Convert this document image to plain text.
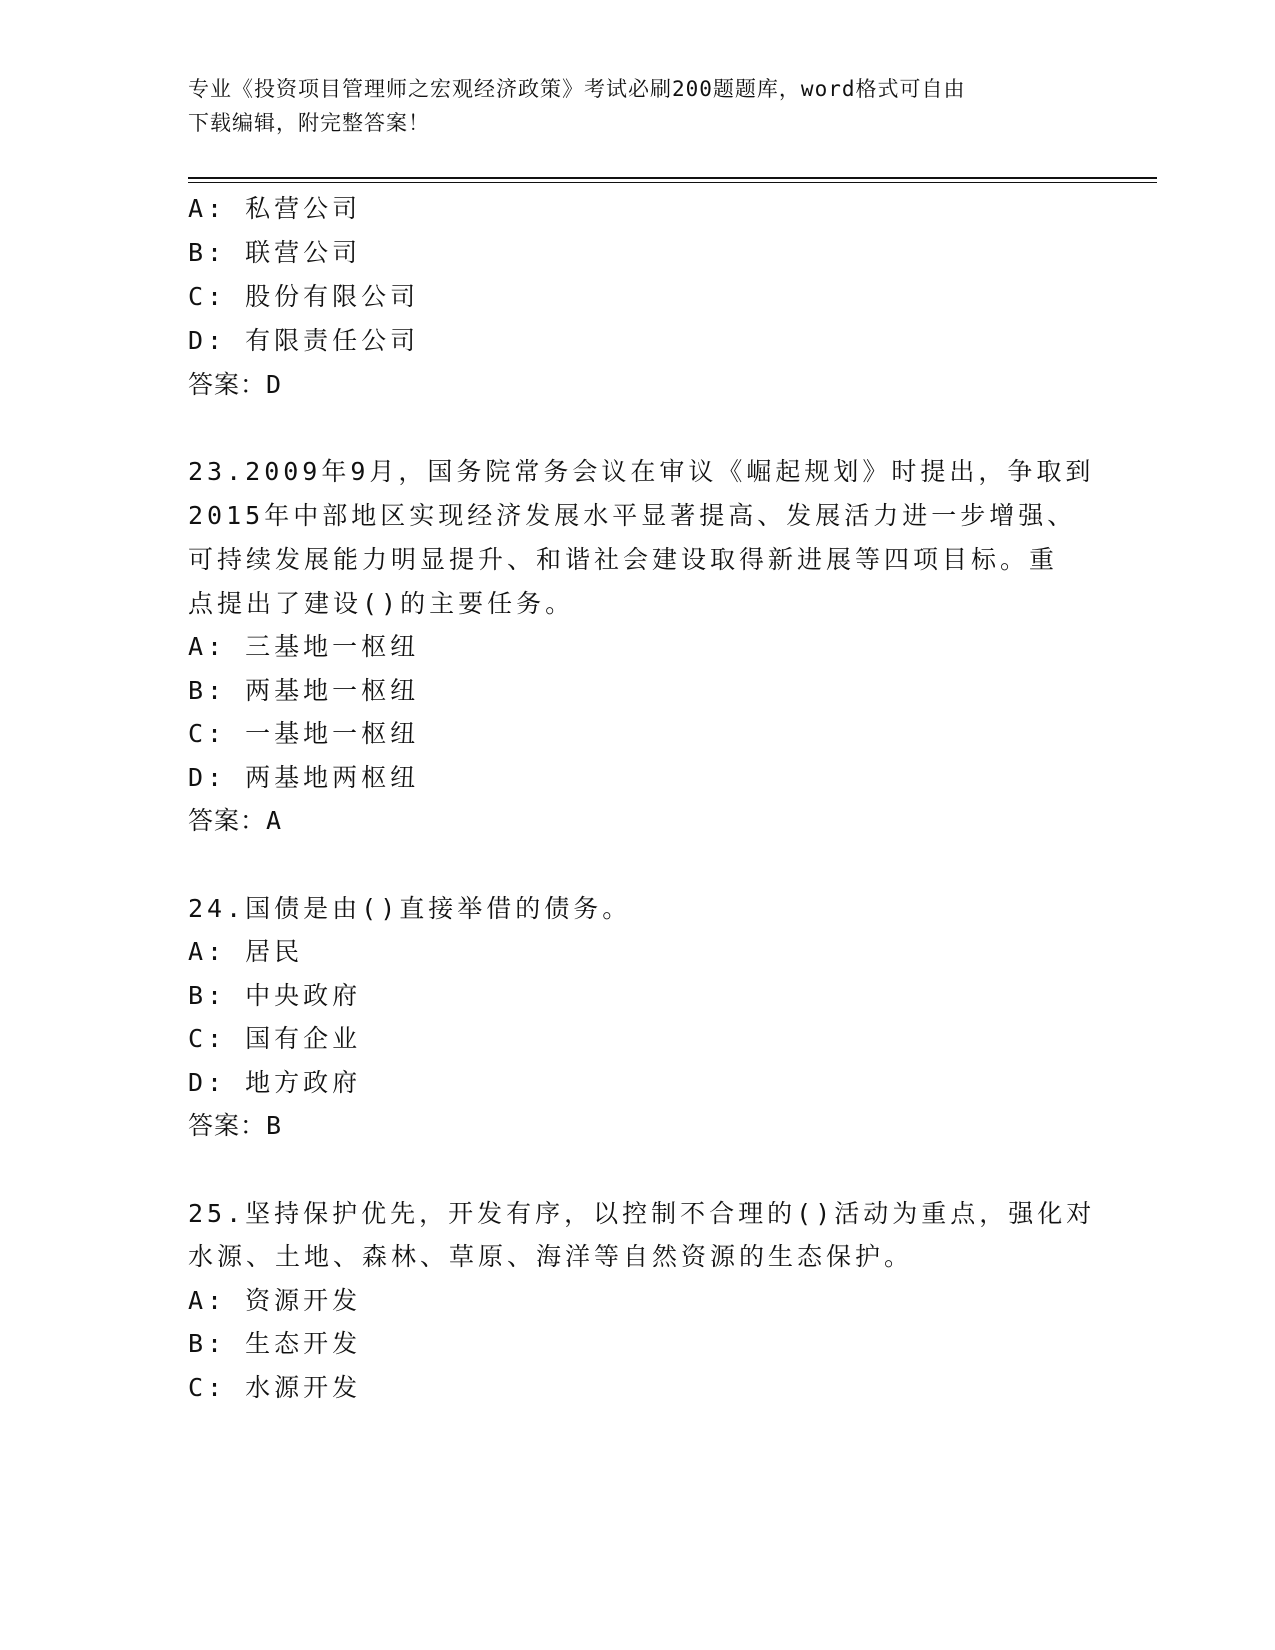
专业《投资项目管理师之宏观经济政策》考试必刷200题题库，word格式可自由
下载编辑，附完整答案！
A: 私营公司
B: 联营公司
C: 股份有限公司
D: 有限责任公司
答案：D
23.2009年9月，国务院常务会议在审议《崛起规划》时提出，争取到
2015年中部地区实现经济发展水平显著提高、发展活力进一步增强、
可持续发展能力明显提升、和谐社会建设取得新进展等四项目标。重
点提出了建设()的主要任务。
A: 三基地一枢纽
B: 两基地一枢纽
C: 一基地一枢纽
D: 两基地两枢纽
答案：A
24.国债是由()直接举借的债务。
A: 居民
B: 中央政府
C: 国有企业
D: 地方政府
答案：B
25.坚持保护优先，开发有序，以控制不合理的()活动为重点，强化对
水源、土地、森林、草原、海洋等自然资源的生态保护。
A: 资源开发
B: 生态开发
C: 水源开发
